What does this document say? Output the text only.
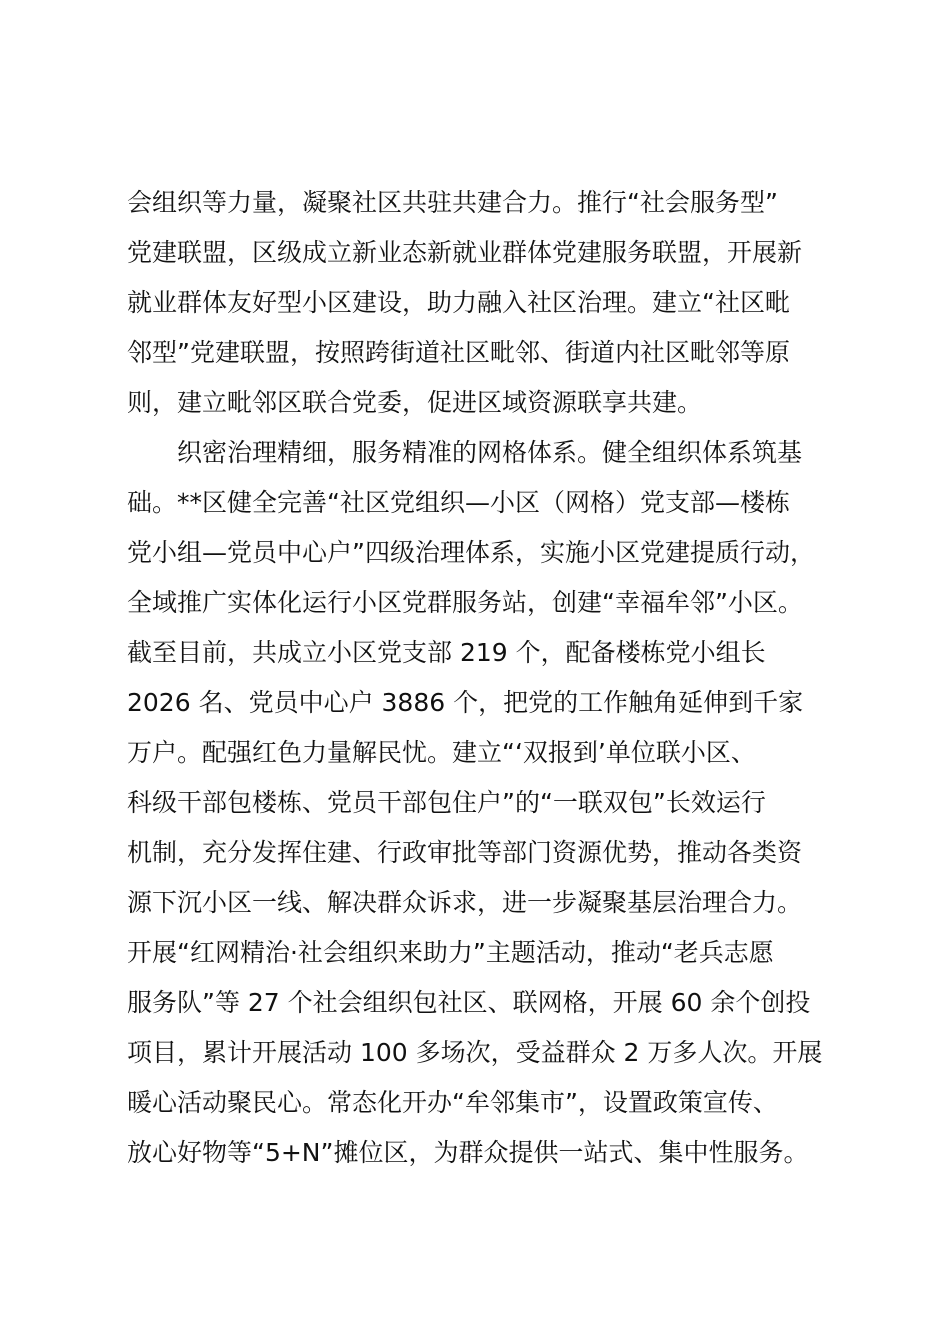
会组织等力量，凝聚社区共驻共建合力。推行“社会服务型”
党建联盟，区级成立新业态新就业群体党建服务联盟，开展新
就业群体友好型小区建设，助力融入社区治理。建立“社区毗
邻型”党建联盟，按照跨街道社区毗邻、街道内社区毗邻等原
则，建立毗邻区联合党委，促进区域资源联享共建。
　　织密治理精细，服务精准的网格体系。健全组织体系筑基
础。**区健全完善“社区党组织—小区（网格）党支部—楼栋
党小组—党员中心户”四级治理体系，实施小区党建提质行动，
全域推广实体化运行小区党群服务站，创建“幸福牟邻”小区。
截至目前，共成立小区党支部 219 个，配备楼栋党小组长
2026 名、党员中心户 3886 个，把党的工作触角延伸到千家
万户。配强红色力量解民忧。建立“‘双报到’单位联小区、
科级干部包楼栋、党员干部包住户”的“一联双包”长效运行
机制，充分发挥住建、行政审批等部门资源优势，推动各类资
源下沉小区一线、解决群众诉求，进一步凝聚基层治理合力。
开展“红网精治·社会组织来助力”主题活动，推动“老兵志愿
服务队”等 27 个社会组织包社区、联网格，开展 60 余个创投
项目，累计开展活动 100 多场次，受益群众 2 万多人次。开展
暖心活动聚民心。常态化开办“牟邻集市”，设置政策宣传、
放心好物等“5+N”摊位区，为群众提供一站式、集中性服务。
